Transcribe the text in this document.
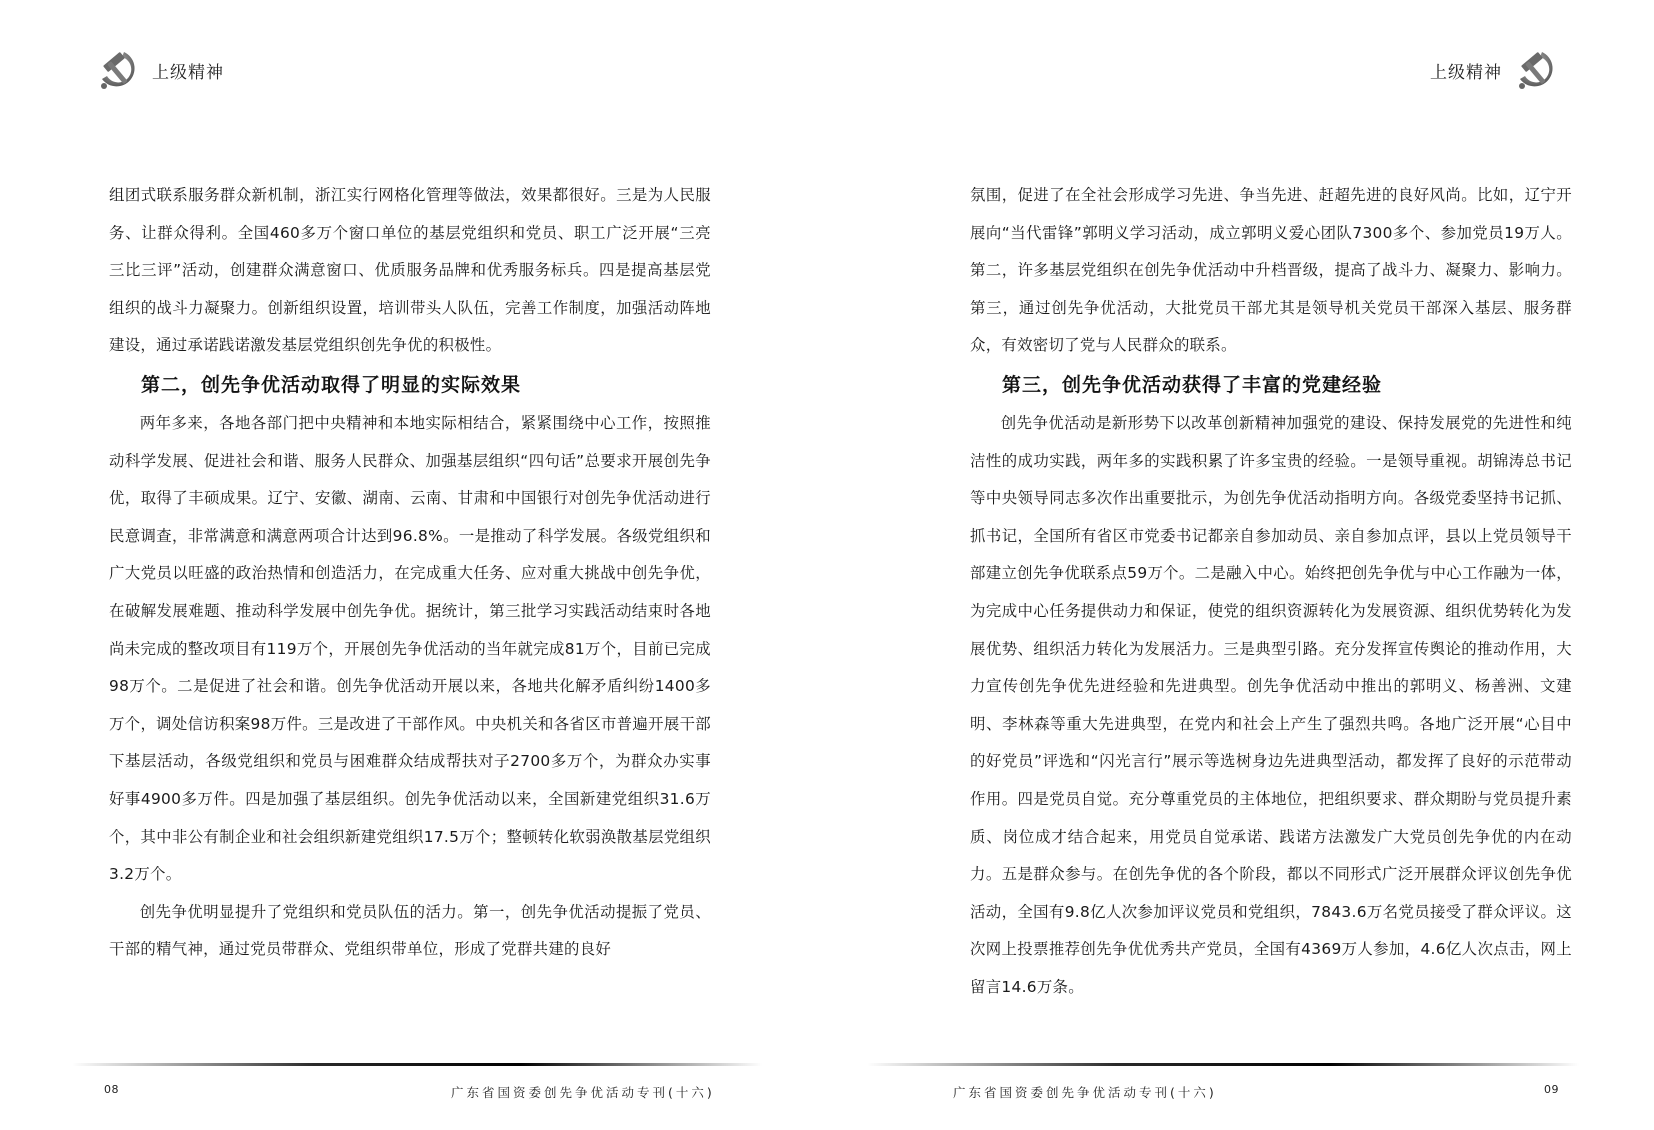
上级精神

组团式联系服务群众新机制，浙江实行网格化管理等做法，效果都很好。三是为人民服务、让群众得利。全国460多万个窗口单位的基层党组织和党员、职工广泛开展“三亮三比三评”活动，创建群众满意窗口、优质服务品牌和优秀服务标兵。四是提高基层党组织的战斗力凝聚力。创新组织设置，培训带头人队伍，完善工作制度，加强活动阵地建设，通过承诺践诺激发基层党组织创先争优的积极性。

第二，创先争优活动取得了明显的实际效果

两年多来，各地各部门把中央精神和本地实际相结合，紧紧围绕中心工作，按照推动科学发展、促进社会和谐、服务人民群众、加强基层组织“四句话”总要求开展创先争优，取得了丰硕成果。辽宁、安徽、湖南、云南、甘肃和中国银行对创先争优活动进行民意调查，非常满意和满意两项合计达到96.8%。一是推动了科学发展。各级党组织和广大党员以旺盛的政治热情和创造活力，在完成重大任务、应对重大挑战中创先争优，在破解发展难题、推动科学发展中创先争优。据统计，第三批学习实践活动结束时各地尚未完成的整改项目有119万个，开展创先争优活动的当年就完成81万个，目前已完成98万个。二是促进了社会和谐。创先争优活动开展以来，各地共化解矛盾纠纷1400多万个，调处信访积案98万件。三是改进了干部作风。中央机关和各省区市普遍开展干部下基层活动，各级党组织和党员与困难群众结成帮扶对子2700多万个，为群众办实事好事4900多万件。四是加强了基层组织。创先争优活动以来，全国新建党组织31.6万个，其中非公有制企业和社会组织新建党组织17.5万个；整顿转化软弱涣散基层党组织3.2万个。

创先争优明显提升了党组织和党员队伍的活力。第一，创先争优活动提振了党员、干部的精气神，通过党员带群众、党组织带单位，形成了党群共建的良好

08	广东省国资委创先争优活动专刊(十六)
上级精神

氛围，促进了在全社会形成学习先进、争当先进、赶超先进的良好风尚。比如，辽宁开展向“当代雷锋”郭明义学习活动，成立郭明义爱心团队7300多个、参加党员19万人。第二，许多基层党组织在创先争优活动中升档晋级，提高了战斗力、凝聚力、影响力。第三，通过创先争优活动，大批党员干部尤其是领导机关党员干部深入基层、服务群众，有效密切了党与人民群众的联系。

第三，创先争优活动获得了丰富的党建经验

创先争优活动是新形势下以改革创新精神加强党的建设、保持发展党的先进性和纯洁性的成功实践，两年多的实践积累了许多宝贵的经验。一是领导重视。胡锦涛总书记等中央领导同志多次作出重要批示，为创先争优活动指明方向。各级党委坚持书记抓、抓书记，全国所有省区市党委书记都亲自参加动员、亲自参加点评，县以上党员领导干部建立创先争优联系点59万个。二是融入中心。始终把创先争优与中心工作融为一体，为完成中心任务提供动力和保证，使党的组织资源转化为发展资源、组织优势转化为发展优势、组织活力转化为发展活力。三是典型引路。充分发挥宣传舆论的推动作用，大力宣传创先争优先进经验和先进典型。创先争优活动中推出的郭明义、杨善洲、文建明、李林森等重大先进典型，在党内和社会上产生了强烈共鸣。各地广泛开展“心目中的好党员”评选和“闪光言行”展示等选树身边先进典型活动，都发挥了良好的示范带动作用。四是党员自觉。充分尊重党员的主体地位，把组织要求、群众期盼与党员提升素质、岗位成才结合起来，用党员自觉承诺、践诺方法激发广大党员创先争优的内在动力。五是群众参与。在创先争优的各个阶段，都以不同形式广泛开展群众评议创先争优活动，全国有9.8亿人次参加评议党员和党组织，7843.6万名党员接受了群众评议。这次网上投票推荐创先争优优秀共产党员，全国有4369万人参加，4.6亿人次点击，网上留言14.6万条。

广东省国资委创先争优活动专刊(十六)	09
